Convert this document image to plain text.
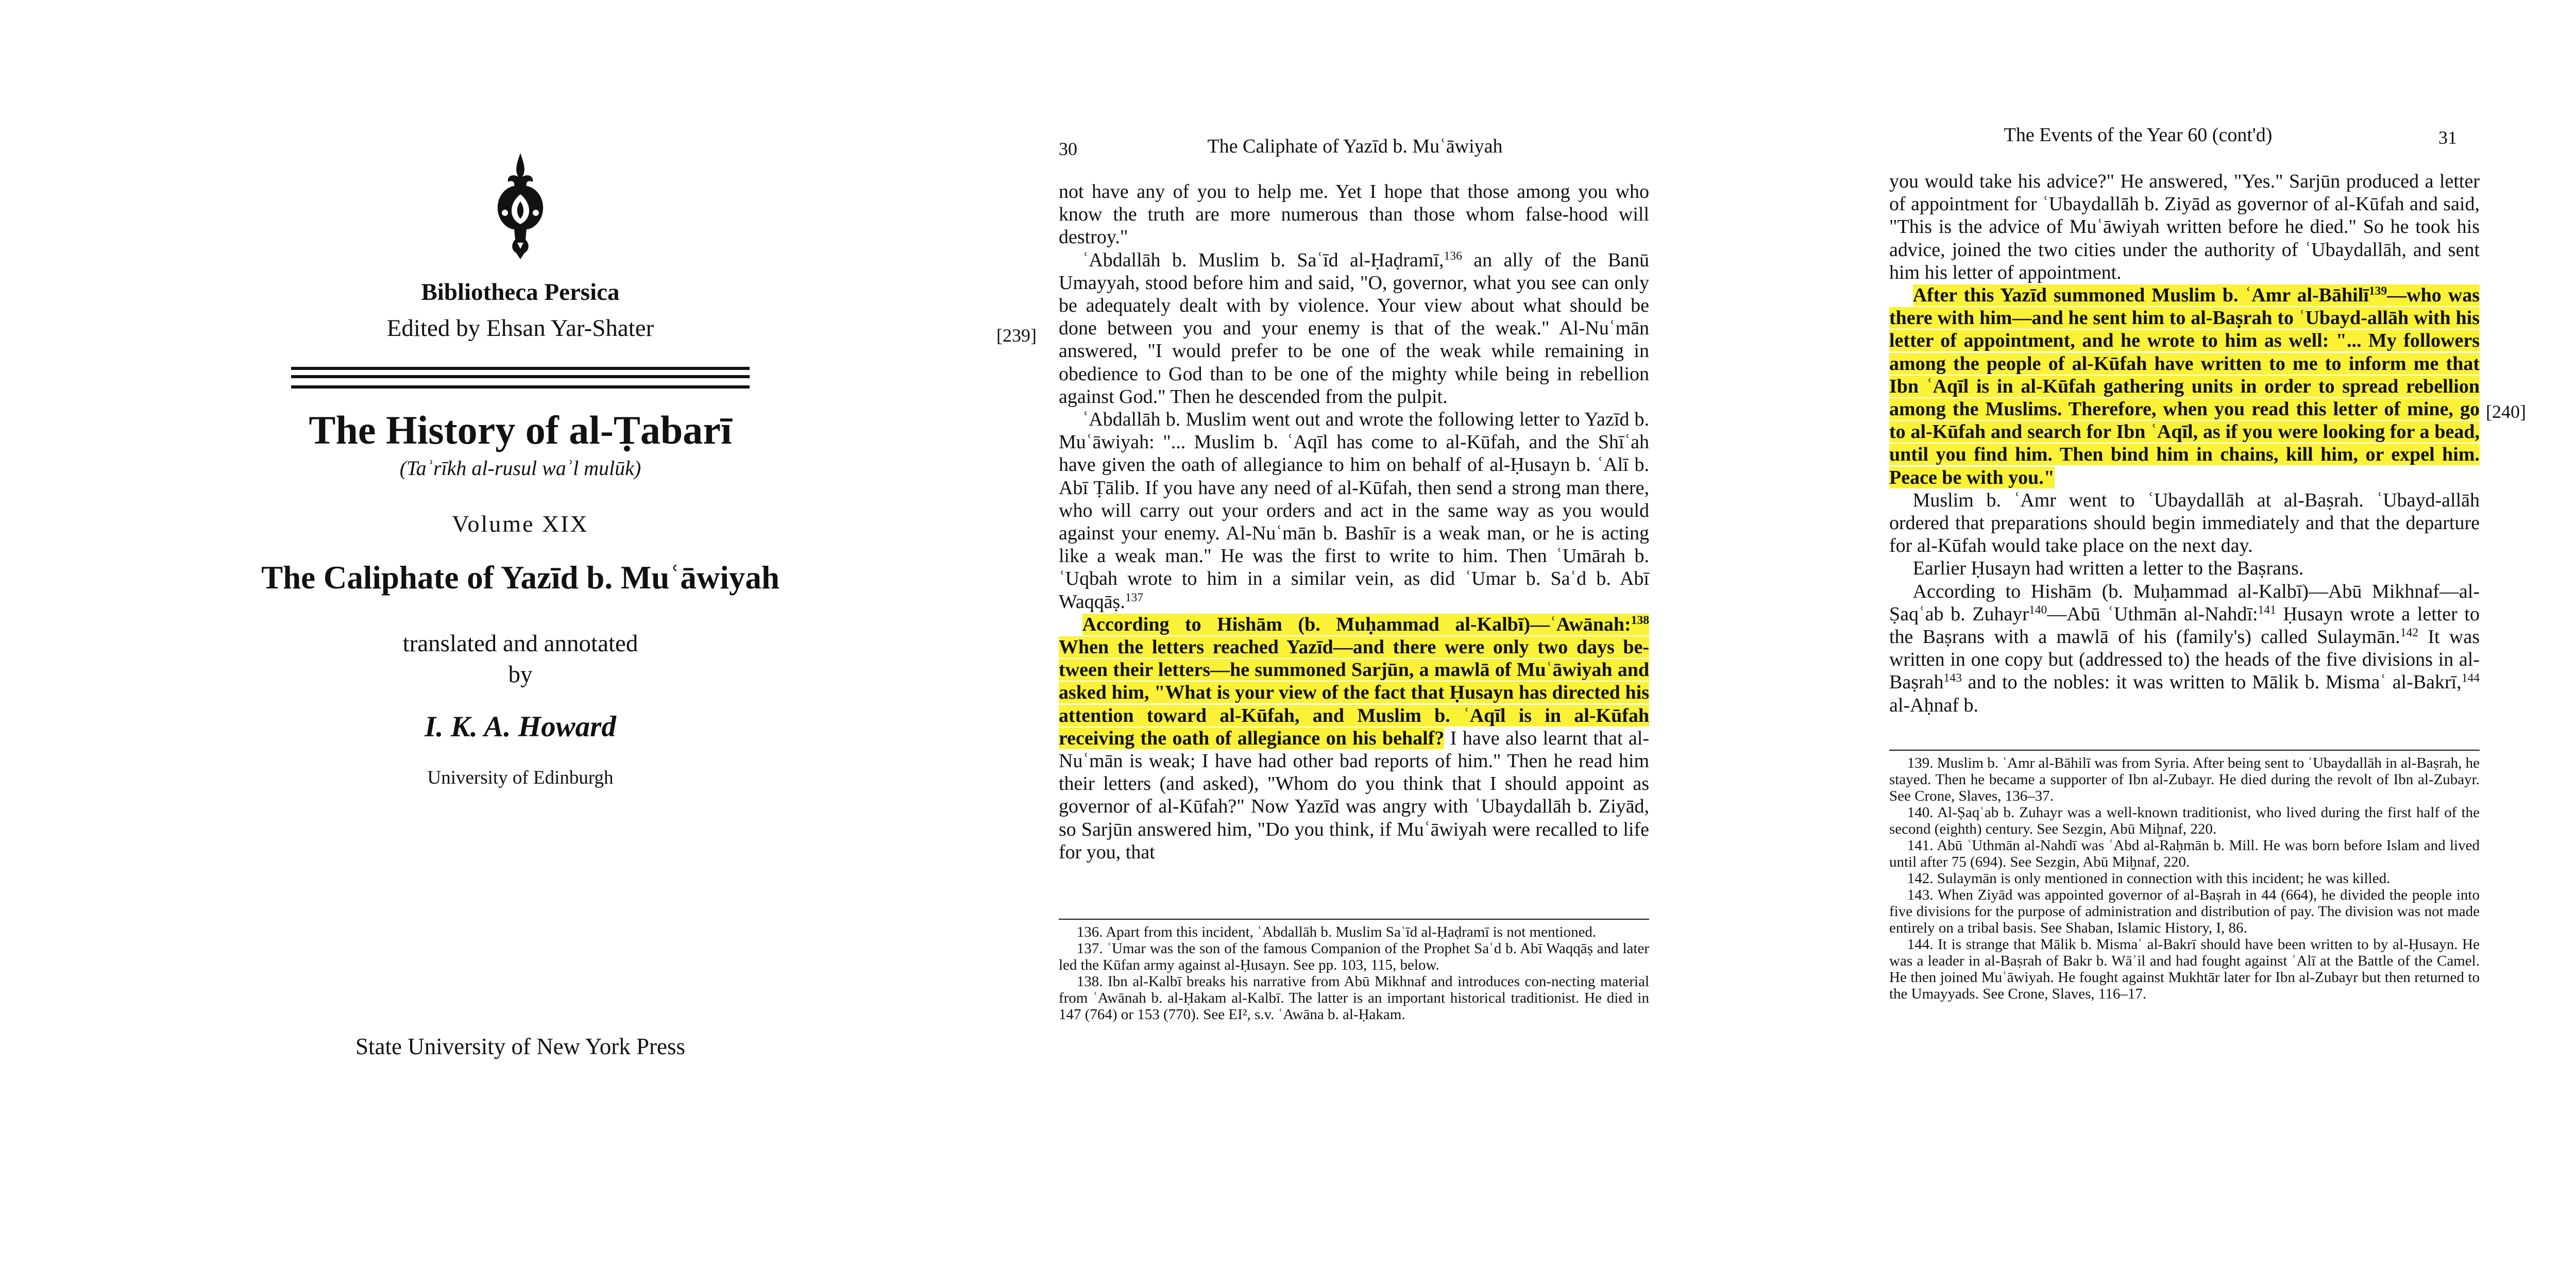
Bibliotheca Persica
Edited by Ehsan Yar-Shater
The History of al-Ṭabarī
(Taʾrīkh al-rusul waʾl mulūk)
Volume XIX
The Caliphate of Yazīd b. Muʿāwiyah
translated and annotated
by
I. K. A. Howard
University of Edinburgh
State University of New York Press
30	The Caliphate of Yazīd b. Muʿāwiyah
[239]

not have any of you to help me. Yet I hope that those among you who know the truth are more numerous than those whom false-hood will destroy."

ʿAbdallāh b. Muslim b. Saʿīd al-Ḥaḍramī,$^{136}$ an ally of the Banū Umayyah, stood before him and said, "O, governor, what you see can only be adequately dealt with by violence. Your view about what should be done between you and your enemy is that of the weak." Al-Nuʿmān answered, "I would prefer to be one of the weak while remaining in obedience to God than to be one of the mighty while being in rebellion against God." Then he descended from the pulpit.

ʿAbdallāh b. Muslim went out and wrote the following letter to Yazīd b. Muʿāwiyah: "... Muslim b. ʿAqīl has come to al-Kūfah, and the Shīʿah have given the oath of allegiance to him on behalf of al-Ḥusayn b. ʿAlī b. Abī Ṭālib. If you have any need of al-Kūfah, then send a strong man there, who will carry out your orders and act in the same way as you would against your enemy. Al-Nuʿmān b. Bashīr is a weak man, or he is acting like a weak man." He was the first to write to him. Then ʿUmārah b. ʿUqbah wrote to him in a similar vein, as did ʿUmar b. Saʿd b. Abī Waqqāṣ.$^{137}$

According to Hishām (b. Muḥammad al-Kalbī)—ʿAwānah:$^{138}$ When the letters reached Yazīd—and there were only two days be-tween their letters—he summoned Sarjūn, a mawlā of Muʿāwiyah and asked him, "What is your view of the fact that Ḥusayn has directed his attention toward al-Kūfah, and Muslim b. ʿAqīl is in al-Kūfah receiving the oath of allegiance on his behalf? I have also learnt that al-Nuʿmān is weak; I have had other bad reports of him." Then he read him their letters (and asked), "Whom do you think that I should appoint as governor of al-Kūfah?" Now Yazīd was angry with ʿUbaydallāh b. Ziyād, so Sarjūn answered him, "Do you think, if Muʿāwiyah were recalled to life for you, that

136. Apart from this incident, ʿAbdallāh b. Muslim Saʿīd al-Ḥaḍramī is not mentioned.

137. ʿUmar was the son of the famous Companion of the Prophet Saʿd b. Abī Waqqāṣ and later led the Kūfan army against al-Ḥusayn. See pp. 103, 115, below.

138. Ibn al-Kalbī breaks his narrative from Abū Mikhnaf and introduces con-necting material from ʿAwānah b. al-Ḥakam al-Kalbī. The latter is an important historical traditionist. He died in 147 (764) or 153 (770). See EI², s.v. ʿAwāna b. al-Ḥakam.

The Events of the Year 60 (cont'd)	31
[240]

you would take his advice?" He answered, "Yes." Sarjūn produced a letter of appointment for ʿUbaydallāh b. Ziyād as governor of al-Kūfah and said, "This is the advice of Muʿāwiyah written before he died." So he took his advice, joined the two cities under the authority of ʿUbaydallāh, and sent him his letter of appointment.

After this Yazīd summoned Muslim b. ʿAmr al-Bāhilī$^{139}$—who was there with him—and he sent him to al-Baṣrah to ʿUbayd-allāh with his letter of appointment, and he wrote to him as well: "... My followers among the people of al-Kūfah have written to me to inform me that Ibn ʿAqīl is in al-Kūfah gathering units in order to spread rebellion among the Muslims. Therefore, when you read this letter of mine, go to al-Kūfah and search for Ibn ʿAqīl, as if you were looking for a bead, until you find him. Then bind him in chains, kill him, or expel him. Peace be with you."

Muslim b. ʿAmr went to ʿUbaydallāh at al-Baṣrah. ʿUbayd-allāh ordered that preparations should begin immediately and that the departure for al-Kūfah would take place on the next day.

Earlier Ḥusayn had written a letter to the Baṣrans.

According to Hishām (b. Muḥammad al-Kalbī)—Abū Mikhnaf—al-Ṣaqʿab b. Zuhayr$^{140}$—Abū ʿUthmān al-Nahdī:$^{141}$ Ḥusayn wrote a letter to the Baṣrans with a mawlā of his (family's) called Sulaymān.$^{142}$ It was written in one copy but (addressed to) the heads of the five divisions in al-Baṣrah$^{143}$ and to the nobles: it was written to Mālik b. Mismaʿ al-Bakrī,$^{144}$ al-Aḥnaf b.

139. Muslim b. ʿAmr al-Bāhilī was from Syria. After being sent to ʿUbaydallāh in al-Baṣrah, he stayed. Then he became a supporter of Ibn al-Zubayr. He died during the revolt of Ibn al-Zubayr. See Crone, Slaves, 136–37.

140. Al-Ṣaqʿab b. Zuhayr was a well-known traditionist, who lived during the first half of the second (eighth) century. See Sezgin, Abū Miḫnaf, 220.

141. Abū ʿUthmān al-Nahdī was ʿAbd al-Raḥmān b. Mill. He was born before Islam and lived until after 75 (694). See Sezgin, Abū Miḫnaf, 220.

142. Sulaymān is only mentioned in connection with this incident; he was killed.

143. When Ziyād was appointed governor of al-Baṣrah in 44 (664), he divided the people into five divisions for the purpose of administration and distribution of pay. The division was not made entirely on a tribal basis. See Shaban, Islamic History, I, 86.

144. It is strange that Mālik b. Mismaʿ al-Bakrī should have been written to by al-Ḥusayn. He was a leader in al-Baṣrah of Bakr b. Wāʾil and had fought against ʿAlī at the Battle of the Camel. He then joined Muʿāwiyah. He fought against Mukhtār later for Ibn al-Zubayr but then returned to the Umayyads. See Crone, Slaves, 116–17.
